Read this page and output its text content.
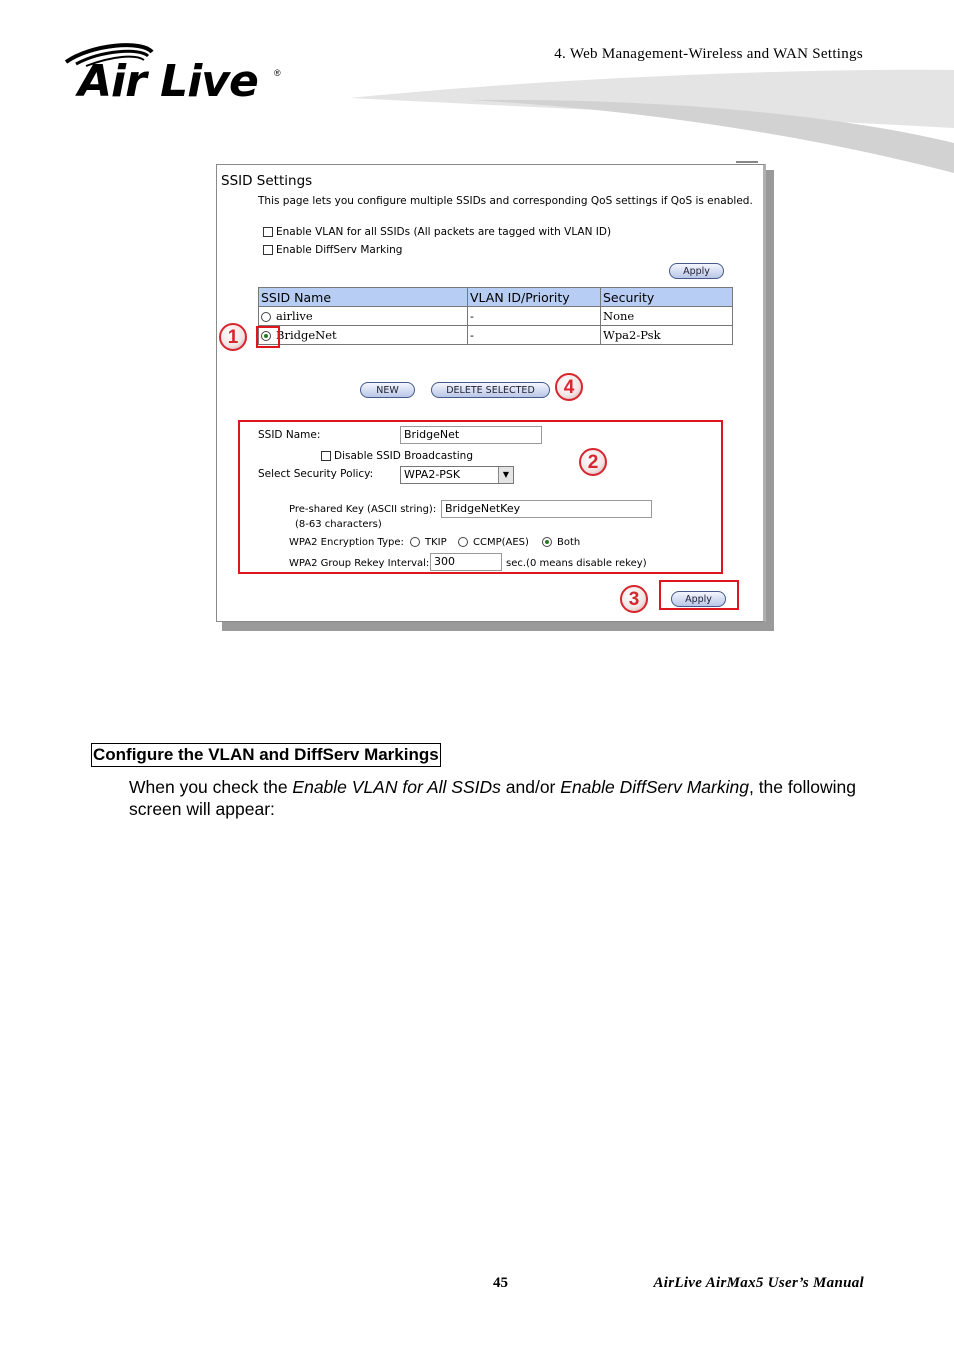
4. Web Management-Wireless and WAN Settings
Air Live ®
SSID Settings
This page lets you configure multiple SSIDs and corresponding QoS settings if QoS is enabled.
Enable VLAN for all SSIDs (All packets are tagged with VLAN ID)
Enable DiffServ Marking
Apply
SSID Name	VLAN ID/Priority	Security
airlive	-	None
BridgeNet	-	Wpa2-Psk
NEW	DELETE SELECTED
SSID Name:	BridgeNet
Disable SSID Broadcasting
Select Security Policy:	WPA2-PSK	▼
Pre-shared Key (ASCII string): BridgeNetKey
(8-63 characters)
WPA2 Encryption Type:	TKIP	CCMP(AES)	Both
WPA2 Group Rekey Interval: 300	sec.(0 means disable rekey)
Apply
1
2
3
4
Configure the VLAN and DiffServ Markings
When you check the Enable VLAN for All SSIDs and/or Enable DiffServ Marking, the following screen will appear:
45	AirLive AirMax5 User’s Manual
